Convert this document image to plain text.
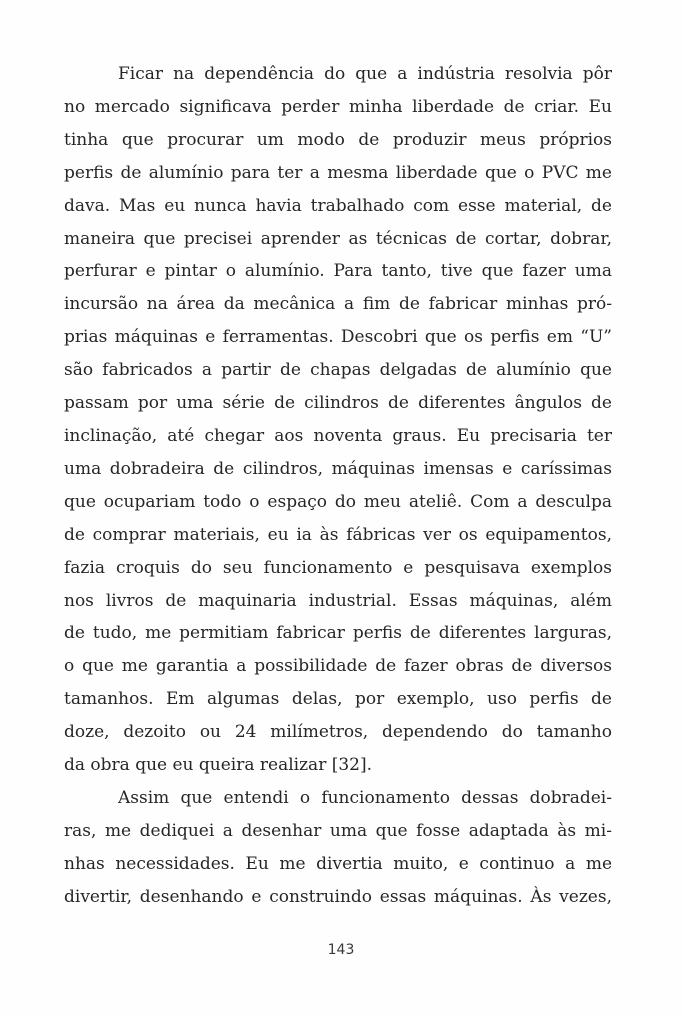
Ficar na dependência do que a indústria resolvia pôr
no mercado significava perder minha liberdade de criar. Eu
tinha que procurar um modo de produzir meus próprios
perfis de alumínio para ter a mesma liberdade que o PVC me
dava. Mas eu nunca havia trabalhado com esse material, de
maneira que precisei aprender as técnicas de cortar, dobrar,
perfurar e pintar o alumínio. Para tanto, tive que fazer uma
incursão na área da mecânica a fim de fabricar minhas pró-
prias máquinas e ferramentas. Descobri que os perfis em “U”
são fabricados a partir de chapas delgadas de alumínio que
passam por uma série de cilindros de diferentes ângulos de
inclinação, até chegar aos noventa graus. Eu precisaria ter
uma dobradeira de cilindros, máquinas imensas e caríssimas
que ocupariam todo o espaço do meu ateliê. Com a desculpa
de comprar materiais, eu ia às fábricas ver os equipamentos,
fazia croquis do seu funcionamento e pesquisava exemplos
nos livros de maquinaria industrial. Essas máquinas, além
de tudo, me permitiam fabricar perfis de diferentes larguras,
o que me garantia a possibilidade de fazer obras de diversos
tamanhos. Em algumas delas, por exemplo, uso perfis de
doze, dezoito ou 24 milímetros, dependendo do tamanho
da obra que eu queira realizar [32].
Assim que entendi o funcionamento dessas dobradei-
ras, me dediquei a desenhar uma que fosse adaptada às mi-
nhas necessidades. Eu me divertia muito, e continuo a me
divertir, desenhando e construindo essas máquinas. Às vezes,
143
